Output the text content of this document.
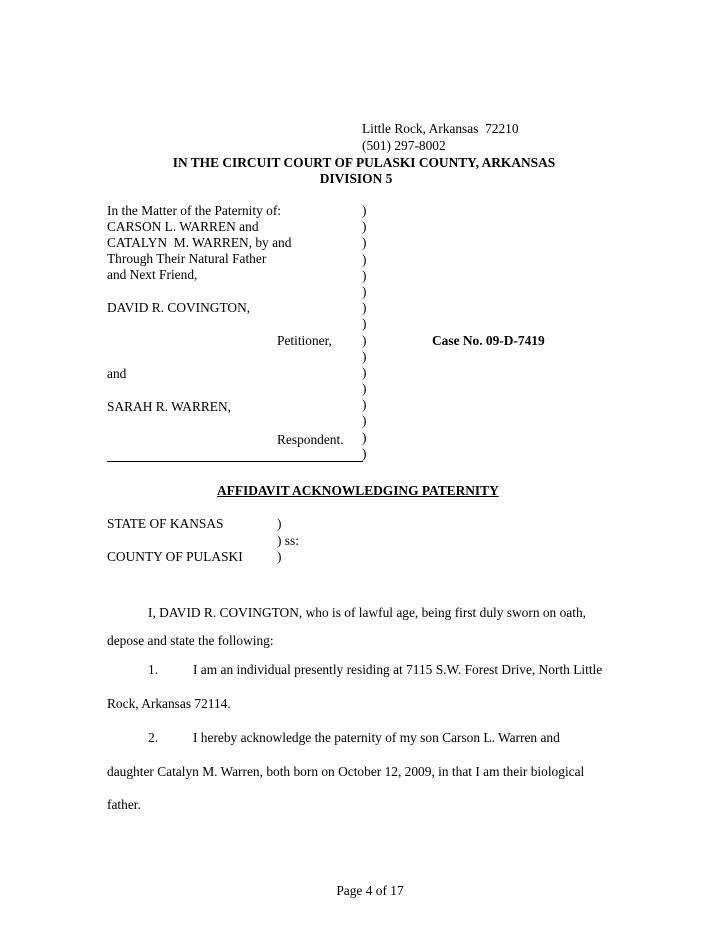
Little Rock, Arkansas  72210
(501) 297-8002
IN THE CIRCUIT COURT OF PULASKI COUNTY, ARKANSAS
DIVISION 5
In the Matter of the Paternity of:
CARSON L. WARREN and
CATALYN  M. WARREN, by and
Through Their Natural Father
and Next Friend,
DAVID R. COVINGTON,
Petitioner,
and
SARAH R. WARREN,
Respondent.
)
)
)
)
)
)
)
)
)
)
)
)
)
)
)
)
Case No. 09-D-7419
AFFIDAVIT ACKNOWLEDGING PATERNITY
STATE OF KANSAS
COUNTY OF PULASKI
)
) ss:
)
I, DAVID R. COVINGTON, who is of lawful age, being first duly sworn on oath,
depose and state the following:
1.	I am an individual presently residing at 7115 S.W. Forest Drive, North Little
Rock, Arkansas 72114.
2.	I hereby acknowledge the paternity of my son Carson L. Warren and
daughter Catalyn M. Warren, both born on October 12, 2009, in that I am their biological
father.
Page 4 of 17
